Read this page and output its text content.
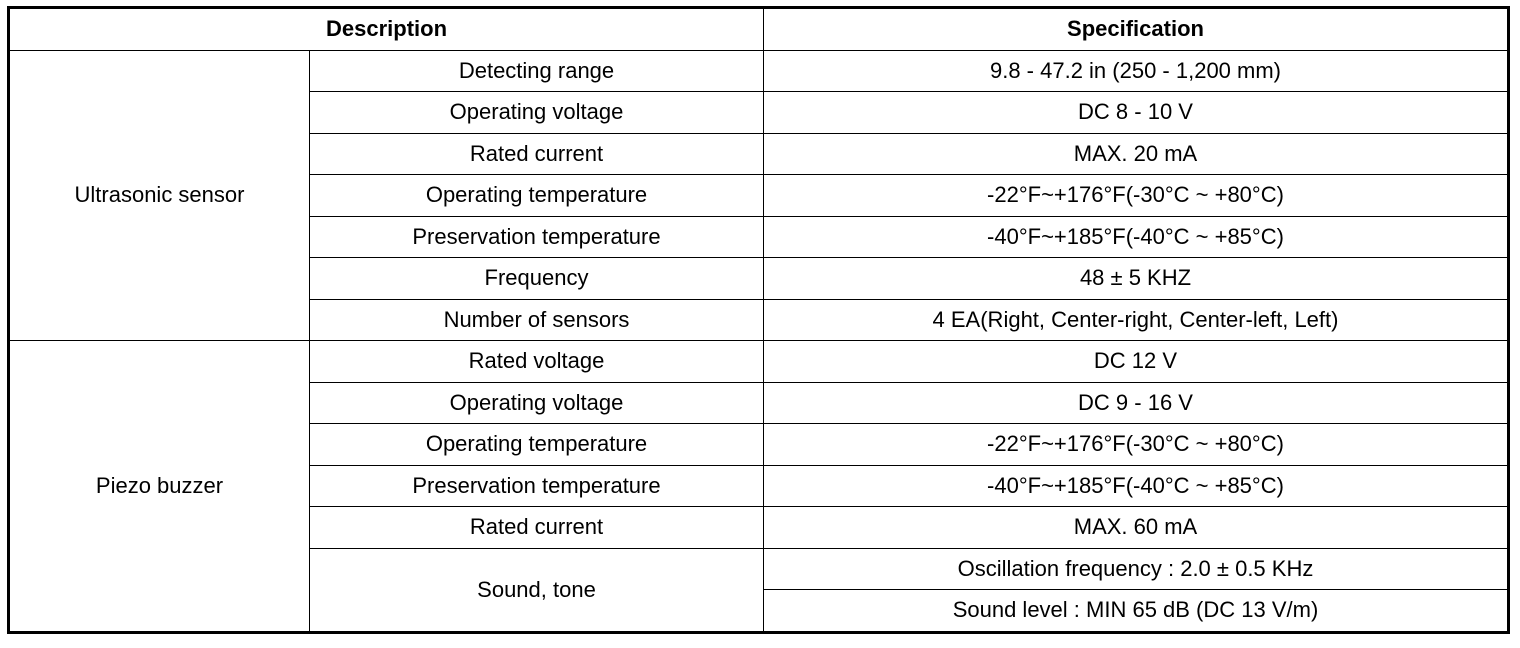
Description		Specification
Ultrasonic sensor	Detecting range	9.8 - 47.2 in (250 - 1,200 mm)
	Operating voltage	DC 8 - 10 V
	Rated current	MAX. 20 mA
	Operating temperature	-22°F~+176°F(-30°C ~ +80°C)
	Preservation temperature	-40°F~+185°F(-40°C ~ +85°C)
	Frequency	48 ± 5 KHZ
	Number of sensors	4 EA(Right, Center-right, Center-left, Left)
Piezo buzzer	Rated voltage	DC 12 V
	Operating voltage	DC 9 - 16 V
	Operating temperature	-22°F~+176°F(-30°C ~ +80°C)
	Preservation temperature	-40°F~+185°F(-40°C ~ +85°C)
	Rated current	MAX. 60 mA
	Sound, tone	Oscillation frequency : 2.0 ± 0.5 KHz
		Sound level : MIN 65 dB (DC 13 V/m)
